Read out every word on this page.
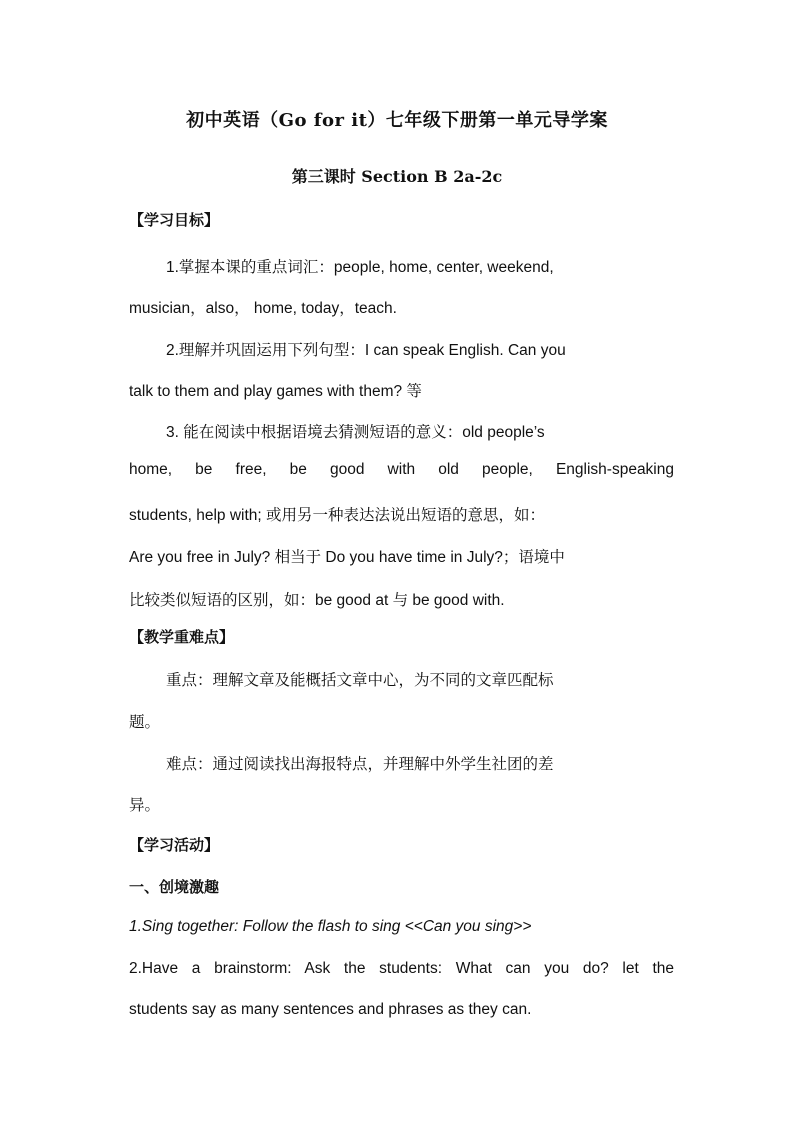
初中英语（Go for it）七年级下册第一单元导学案
第三课时 Section B 2a-2c
【学习目标】
1.掌握本课的重点词汇：people, home, center, weekend,
musician，also， home, today，teach.
2.理解并巩固运用下列句型：I can speak English. Can you
talk to them and play games with them? 等
3. 能在阅读中根据语境去猜测短语的意义：old people’s
home, be free, be good with old people, English-speaking
students, help with; 或用另一种表达法说出短语的意思，如：
Are you free in July? 相当于 Do you have time in July?；语境中
比较类似短语的区别，如：be good at 与 be good with.
【教学重难点】
重点：理解文章及能概括文章中心，为不同的文章匹配标
题。
难点：通过阅读找出海报特点，并理解中外学生社团的差
异。
【学习活动】
一、创境激趣
1.Sing together: Follow the flash to sing <<Can you sing>>
2.Have a brainstorm: Ask the students: What can you do? let the
students say as many sentences and phrases as they can.
